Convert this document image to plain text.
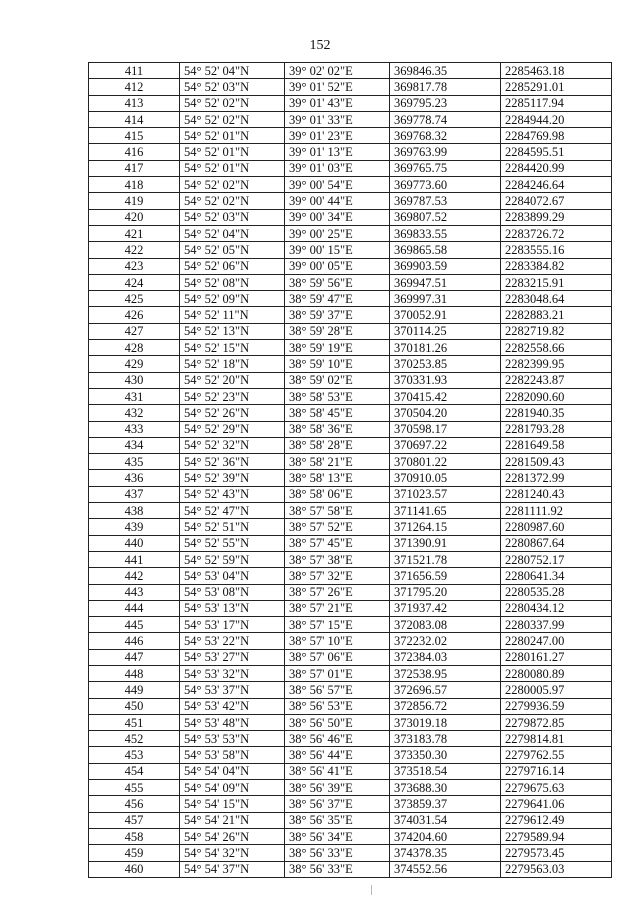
152
411	54° 52' 04"N	39° 02' 02"E	369846.35	2285463.18
412	54° 52' 03"N	39° 01' 52"E	369817.78	2285291.01
413	54° 52' 02"N	39° 01' 43"E	369795.23	2285117.94
414	54° 52' 02"N	39° 01' 33"E	369778.74	2284944.20
415	54° 52' 01"N	39° 01' 23"E	369768.32	2284769.98
416	54° 52' 01"N	39° 01' 13"E	369763.99	2284595.51
417	54° 52' 01"N	39° 01' 03"E	369765.75	2284420.99
418	54° 52' 02"N	39° 00' 54"E	369773.60	2284246.64
419	54° 52' 02"N	39° 00' 44"E	369787.53	2284072.67
420	54° 52' 03"N	39° 00' 34"E	369807.52	2283899.29
421	54° 52' 04"N	39° 00' 25"E	369833.55	2283726.72
422	54° 52' 05"N	39° 00' 15"E	369865.58	2283555.16
423	54° 52' 06"N	39° 00' 05"E	369903.59	2283384.82
424	54° 52' 08"N	38° 59' 56"E	369947.51	2283215.91
425	54° 52' 09"N	38° 59' 47"E	369997.31	2283048.64
426	54° 52' 11"N	38° 59' 37"E	370052.91	2282883.21
427	54° 52' 13"N	38° 59' 28"E	370114.25	2282719.82
428	54° 52' 15"N	38° 59' 19"E	370181.26	2282558.66
429	54° 52' 18"N	38° 59' 10"E	370253.85	2282399.95
430	54° 52' 20"N	38° 59' 02"E	370331.93	2282243.87
431	54° 52' 23"N	38° 58' 53"E	370415.42	2282090.60
432	54° 52' 26"N	38° 58' 45"E	370504.20	2281940.35
433	54° 52' 29"N	38° 58' 36"E	370598.17	2281793.28
434	54° 52' 32"N	38° 58' 28"E	370697.22	2281649.58
435	54° 52' 36"N	38° 58' 21"E	370801.22	2281509.43
436	54° 52' 39"N	38° 58' 13"E	370910.05	2281372.99
437	54° 52' 43"N	38° 58' 06"E	371023.57	2281240.43
438	54° 52' 47"N	38° 57' 58"E	371141.65	2281111.92
439	54° 52' 51"N	38° 57' 52"E	371264.15	2280987.60
440	54° 52' 55"N	38° 57' 45"E	371390.91	2280867.64
441	54° 52' 59"N	38° 57' 38"E	371521.78	2280752.17
442	54° 53' 04"N	38° 57' 32"E	371656.59	2280641.34
443	54° 53' 08"N	38° 57' 26"E	371795.20	2280535.28
444	54° 53' 13"N	38° 57' 21"E	371937.42	2280434.12
445	54° 53' 17"N	38° 57' 15"E	372083.08	2280337.99
446	54° 53' 22"N	38° 57' 10"E	372232.02	2280247.00
447	54° 53' 27"N	38° 57' 06"E	372384.03	2280161.27
448	54° 53' 32"N	38° 57' 01"E	372538.95	2280080.89
449	54° 53' 37"N	38° 56' 57"E	372696.57	2280005.97
450	54° 53' 42"N	38° 56' 53"E	372856.72	2279936.59
451	54° 53' 48"N	38° 56' 50"E	373019.18	2279872.85
452	54° 53' 53"N	38° 56' 46"E	373183.78	2279814.81
453	54° 53' 58"N	38° 56' 44"E	373350.30	2279762.55
454	54° 54' 04"N	38° 56' 41"E	373518.54	2279716.14
455	54° 54' 09"N	38° 56' 39"E	373688.30	2279675.63
456	54° 54' 15"N	38° 56' 37"E	373859.37	2279641.06
457	54° 54' 21"N	38° 56' 35"E	374031.54	2279612.49
458	54° 54' 26"N	38° 56' 34"E	374204.60	2279589.94
459	54° 54' 32"N	38° 56' 33"E	374378.35	2279573.45
460	54° 54' 37"N	38° 56' 33"E	374552.56	2279563.03
